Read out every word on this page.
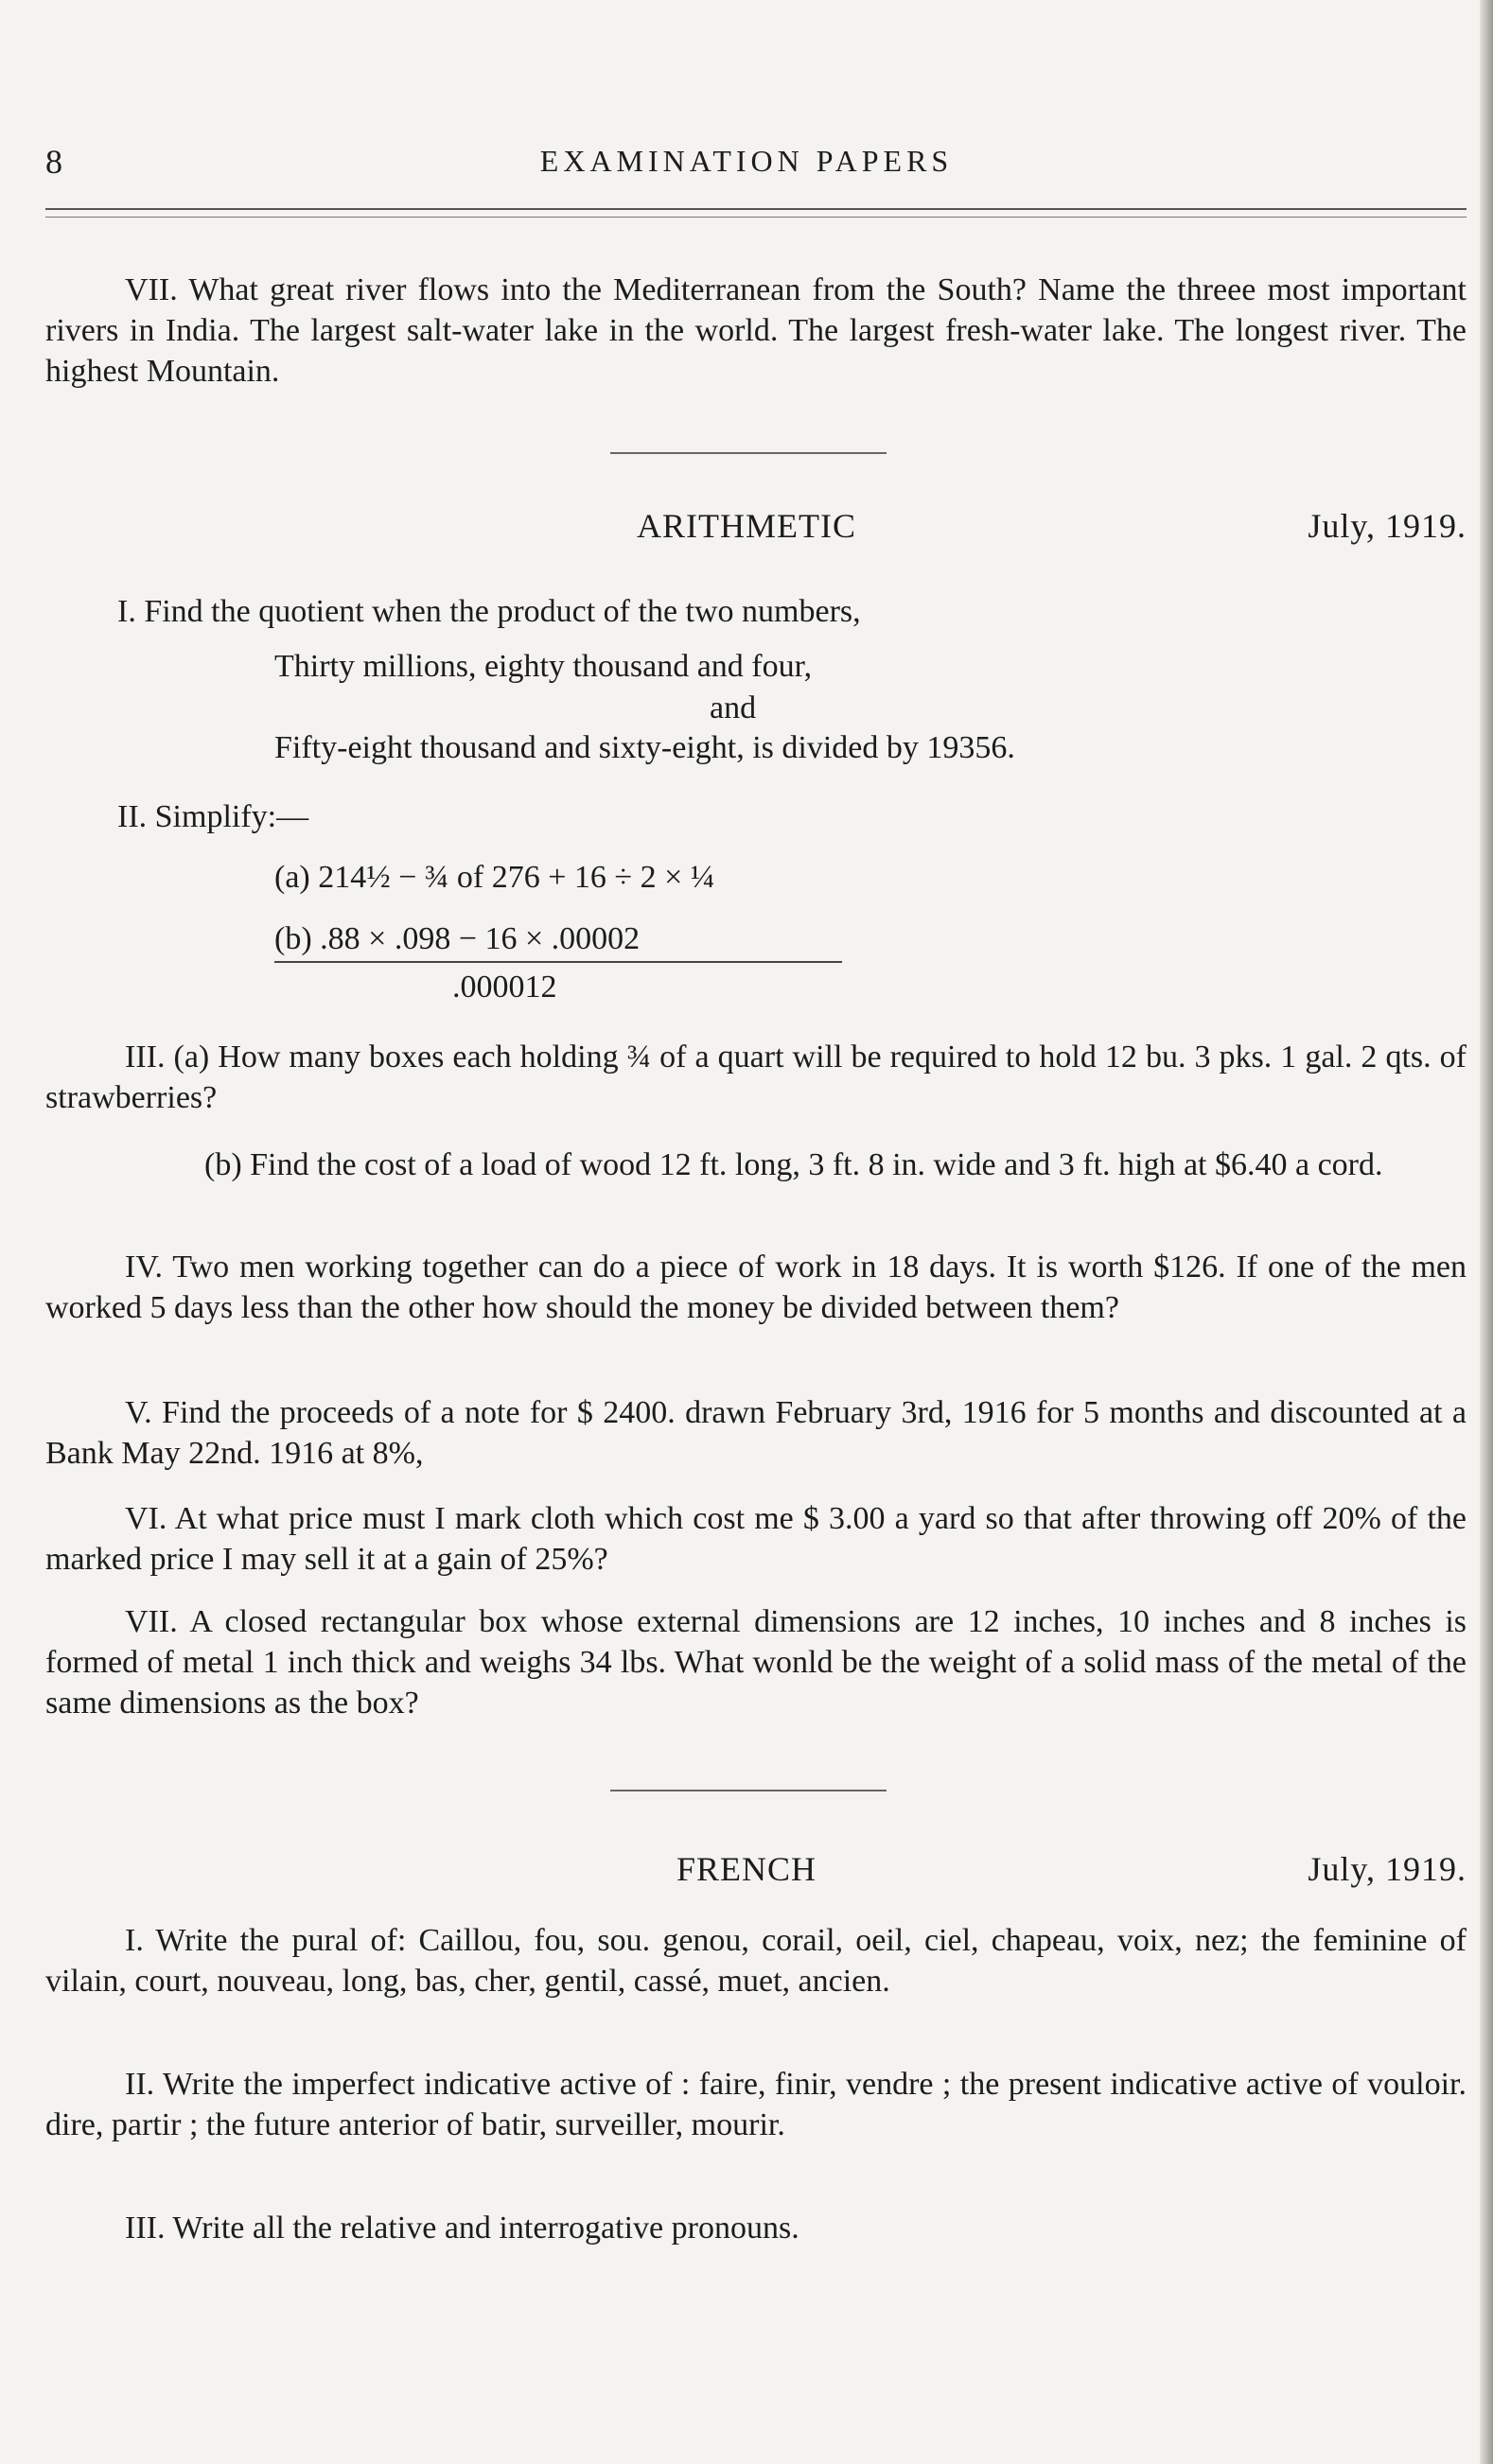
8	EXAMINATION PAPERS
VII. What great river flows into the Mediterranean from the South? Name the threee most important rivers in India. The largest salt-water lake in the world. The largest fresh-water lake. The longest river. The highest Mountain.
ARITHMETIC	July, 1919.
I. Find the quotient when the product of the two numbers,
Thirty millions, eighty thousand and four,
and
Fifty-eight thousand and sixty-eight, is divided by 19356.
II. Simplify:—
(a) 214½ − ¾ of 276 + 16 ÷ 2 × ¼
(b) .88 × .098 − 16 × .00002
.000012
III. (a) How many boxes each holding ¾ of a quart will be required to hold 12 bu. 3 pks. 1 gal. 2 qts. of strawberries?
(b) Find the cost of a load of wood 12 ft. long, 3 ft. 8 in. wide and 3 ft. high at $6.40 a cord.
IV. Two men working together can do a piece of work in 18 days. It is worth $126. If one of the men worked 5 days less than the other how should the money be divided between them?
V. Find the proceeds of a note for $ 2400. drawn February 3rd, 1916 for 5 months and discounted at a Bank May 22nd. 1916 at 8%,
VI. At what price must I mark cloth which cost me $ 3.00 a yard so that after throwing off 20% of the marked price I may sell it at a gain of 25%?
VII. A closed rectangular box whose external dimensions are 12 inches, 10 inches and 8 inches is formed of metal 1 inch thick and weighs 34 lbs. What wonld be the weight of a solid mass of the metal of the same dimensions as the box?
FRENCH	July, 1919.
I. Write the pural of: Caillou, fou, sou. genou, corail, oeil, ciel, chapeau, voix, nez; the feminine of vilain, court, nouveau, long, bas, cher, gentil, cassé, muet, ancien.
II. Write the imperfect indicative active of : faire, finir, vendre ; the present indicative active of vouloir. dire, partir ; the future anterior of batir, surveiller, mourir.
III. Write all the relative and interrogative pronouns.
